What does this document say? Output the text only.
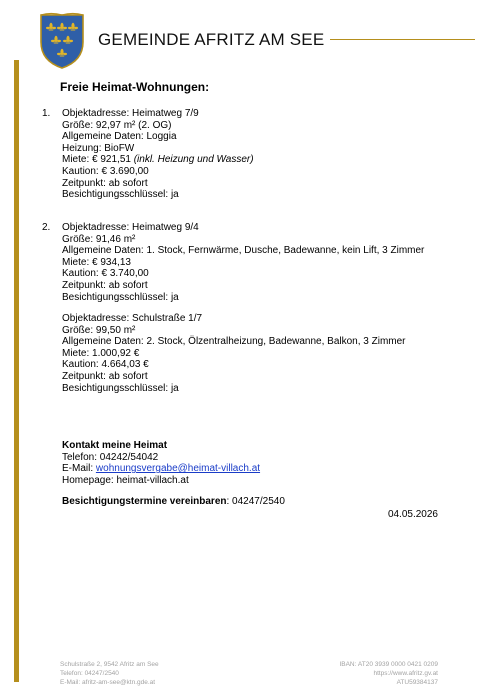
GEMEINDE AFRITZ AM SEE
Freie Heimat-Wohnungen:
1. Objektadresse: Heimatweg 7/9
Größe: 92,97 m² (2. OG)
Allgemeine Daten: Loggia
Heizung: BioFW
Miete: € 921,51 (inkl. Heizung und Wasser)
Kaution: € 3.690,00
Zeitpunkt: ab sofort
Besichtigungsschlüssel: ja
2. Objektadresse: Heimatweg 9/4
Größe: 91,46 m²
Allgemeine Daten: 1. Stock, Fernwärme, Dusche, Badewanne, kein Lift, 3 Zimmer
Miete: € 934,13
Kaution: € 3.740,00
Zeitpunkt: ab sofort
Besichtigungsschlüssel: ja
Objektadresse: Schulstraße 1/7
Größe: 99,50 m²
Allgemeine Daten: 2. Stock, Ölzentralheizung, Badewanne, Balkon, 3 Zimmer
Miete: 1.000,92 €
Kaution: 4.664,03 €
Zeitpunkt: ab sofort
Besichtigungsschlüssel: ja
Kontakt meine Heimat
Telefon: 04242/54042
E-Mail: wohnungsvergabe@heimat-villach.at
Homepage: heimat-villach.at
Besichtigungstermine vereinbaren: 04247/2540
04.05.2026
Schulstraße 2, 9542 Afritz am See
Telefon: 04247/2540
E-Mail: afritz-am-see@ktn.gde.at
IBAN: AT20 3939 0000 0421 0209
https://www.afritz.gv.at
ATU59384137
